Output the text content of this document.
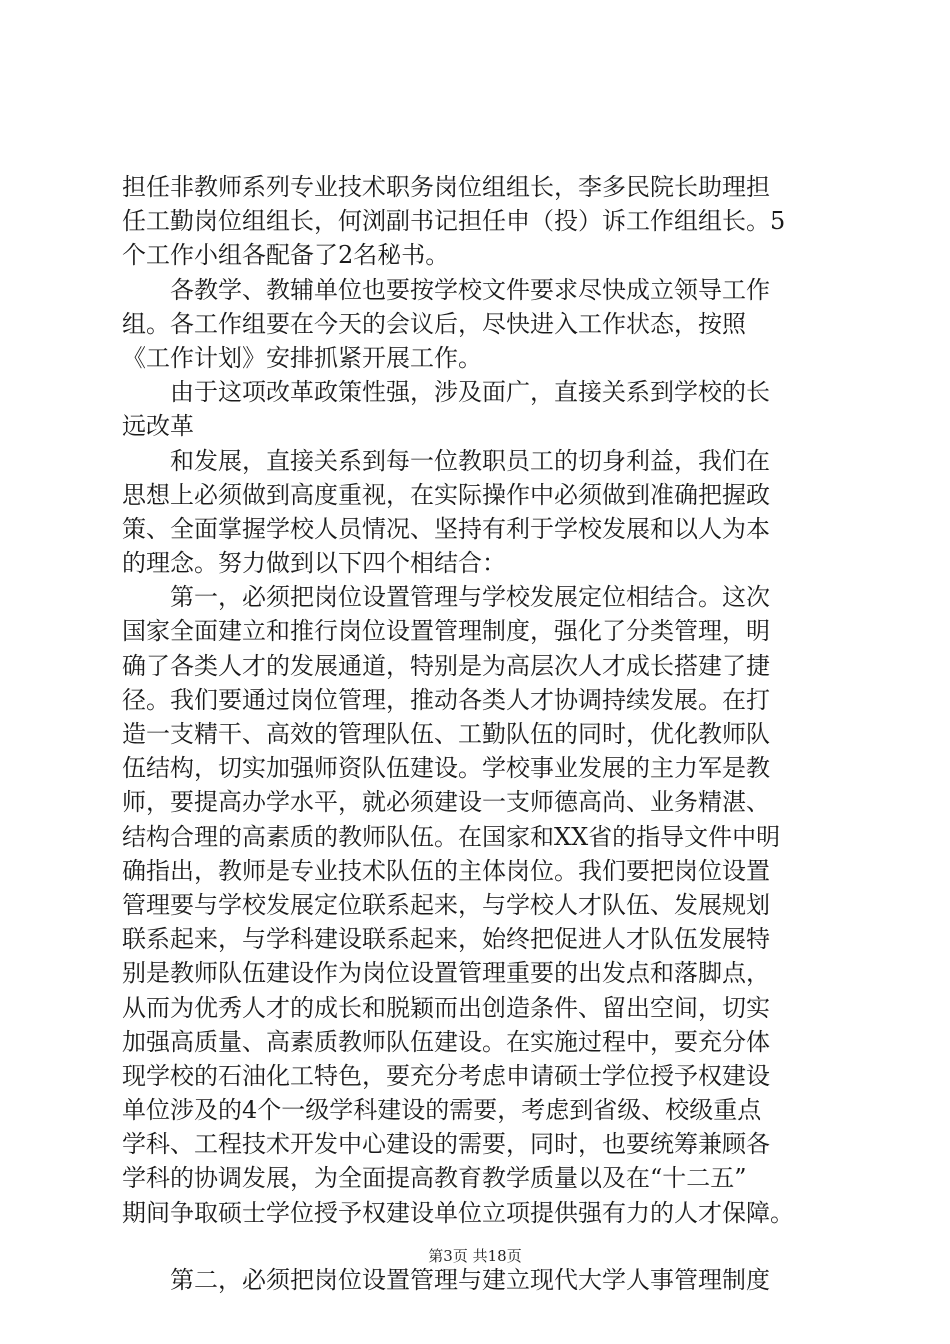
担任非教师系列专业技术职务岗位组组长，李多民院长助理担
任工勤岗位组组长，何浏副书记担任申（投）诉工作组组长。5
个工作小组各配备了2名秘书。
各教学、教辅单位也要按学校文件要求尽快成立领导工作
组。各工作组要在今天的会议后，尽快进入工作状态，按照
《工作计划》安排抓紧开展工作。
由于这项改革政策性强，涉及面广，直接关系到学校的长
远改革
和发展，直接关系到每一位教职员工的切身利益，我们在
思想上必须做到高度重视，在实际操作中必须做到准确把握政
策、全面掌握学校人员情况、坚持有利于学校发展和以人为本
的理念。努力做到以下四个相结合：
第一，必须把岗位设置管理与学校发展定位相结合。这次
国家全面建立和推行岗位设置管理制度，强化了分类管理，明
确了各类人才的发展通道，特别是为高层次人才成长搭建了捷
径。我们要通过岗位管理，推动各类人才协调持续发展。在打
造一支精干、高效的管理队伍、工勤队伍的同时，优化教师队
伍结构，切实加强师资队伍建设。学校事业发展的主力军是教
师，要提高办学水平，就必须建设一支师德高尚、业务精湛、
结构合理的高素质的教师队伍。在国家和XX省的指导文件中明
确指出，教师是专业技术队伍的主体岗位。我们要把岗位设置
管理要与学校发展定位联系起来，与学校人才队伍、发展规划
联系起来，与学科建设联系起来，始终把促进人才队伍发展特
别是教师队伍建设作为岗位设置管理重要的出发点和落脚点，
从而为优秀人才的成长和脱颖而出创造条件、留出空间，切实
加强高质量、高素质教师队伍建设。在实施过程中，要充分体
现学校的石油化工特色，要充分考虑申请硕士学位授予权建设
单位涉及的4个一级学科建设的需要，考虑到省级、校级重点
学科、工程技术开发中心建设的需要，同时，也要统筹兼顾各
学科的协调发展，为全面提高教育教学质量以及在“十二五”
期间争取硕士学位授予权建设单位立项提供强有力的人才保障。
第二，必须把岗位设置管理与建立现代大学人事管理制度
第3页 共18页
